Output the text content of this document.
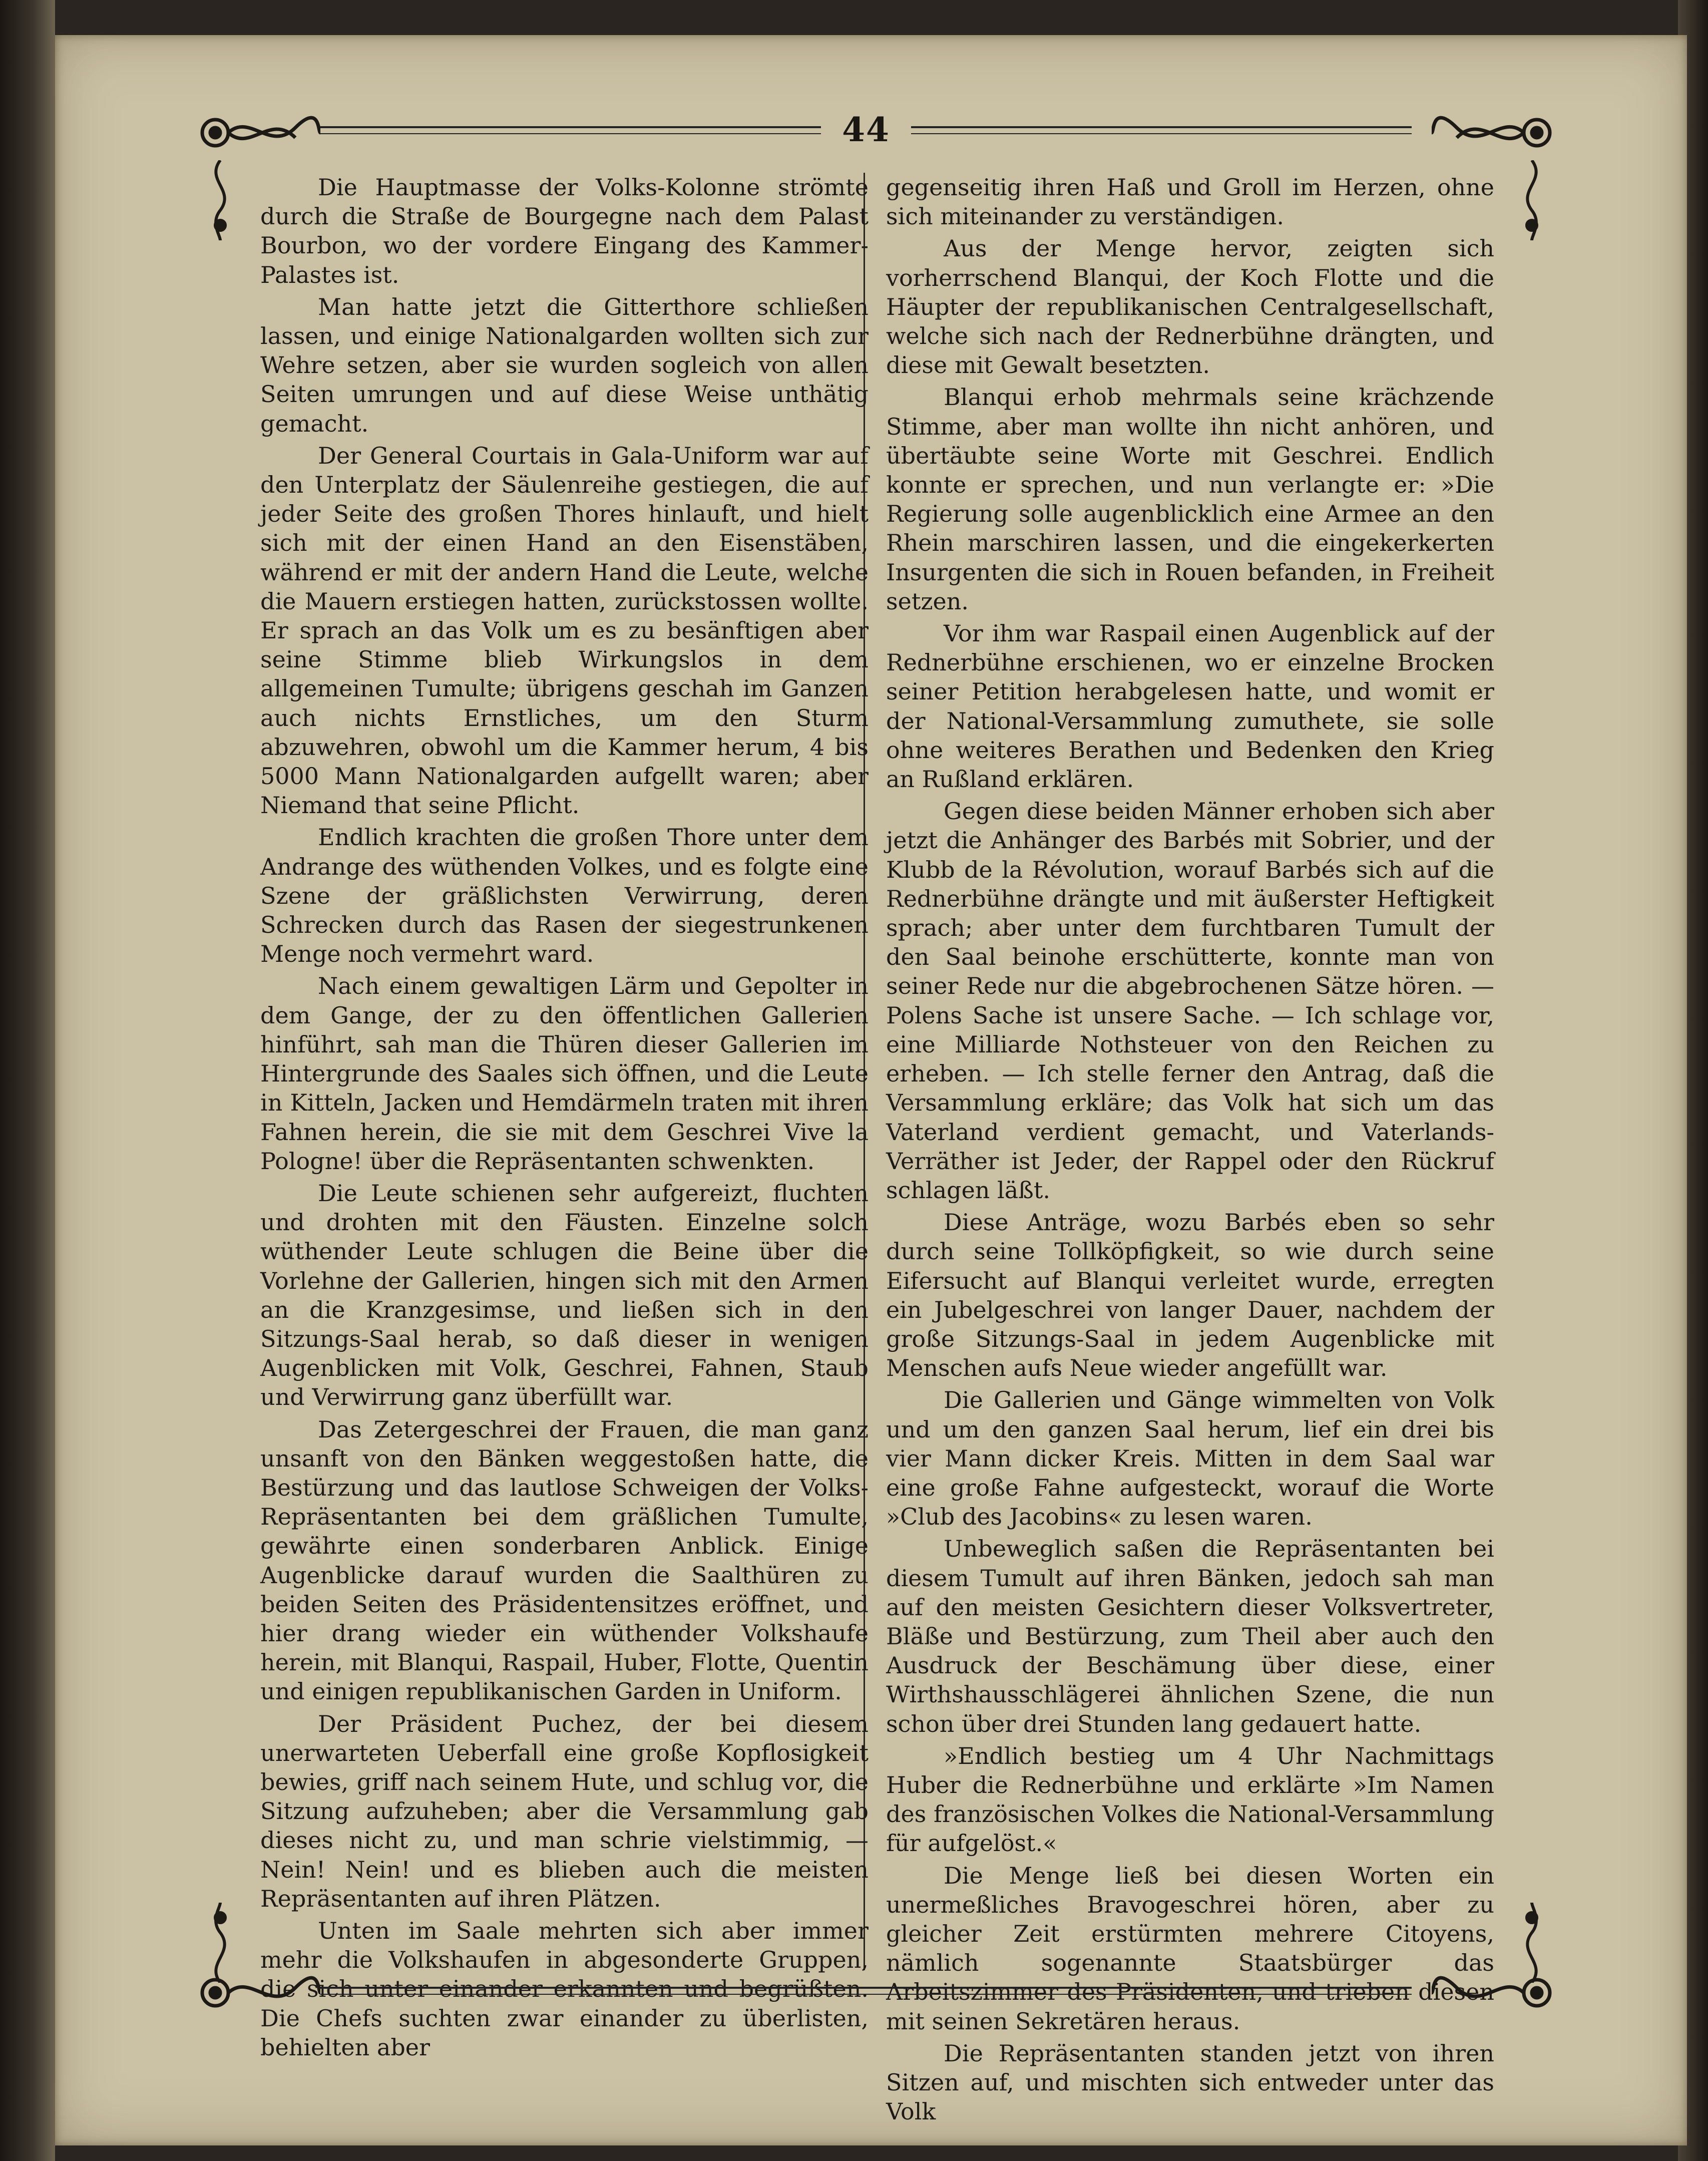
44

Die Hauptmasse der Volks-Kolonne strömte durch die Straße de Bourgegne nach dem Palast Bourbon, wo der vordere Eingang des Kammer-Palastes ist.

Man hatte jetzt die Gitterthore schließen lassen, und einige Nationalgarden wollten sich zur Wehre setzen, aber sie wurden sogleich von allen Seiten umrungen und auf diese Weise unthätig gemacht.

Der General Courtais in Gala-Uniform war auf den Unterplatz der Säulenreihe gestiegen, die auf jeder Seite des großen Thores hinlauft, und hielt sich mit der einen Hand an den Eisenstäben, während er mit der andern Hand die Leute, welche die Mauern erstiegen hatten, zurückstossen wollte. Er sprach an das Volk um es zu besänftigen aber seine Stimme blieb Wirkungslos in dem allgemeinen Tumulte; übrigens geschah im Ganzen auch nichts Ernstliches, um den Sturm abzuwehren, obwohl um die Kammer herum, 4 bis 5000 Mann Nationalgarden aufgellt waren; aber Niemand that seine Pflicht.

Endlich krachten die großen Thore unter dem Andrange des wüthenden Volkes, und es folgte eine Szene der gräßlichsten Verwirrung, deren Schrecken durch das Rasen der siegestrunkenen Menge noch vermehrt ward.

Nach einem gewaltigen Lärm und Gepolter in dem Gange, der zu den öffentlichen Gallerien hinführt, sah man die Thüren dieser Gallerien im Hintergrunde des Saales sich öffnen, und die Leute in Kitteln, Jacken und Hemdärmeln traten mit ihren Fahnen herein, die sie mit dem Geschrei Vive la Pologne! über die Repräsentanten schwenkten.

Die Leute schienen sehr aufgereizt, fluchten und drohten mit den Fäusten. Einzelne solch wüthender Leute schlugen die Beine über die Vorlehne der Gallerien, hingen sich mit den Armen an die Kranzgesimse, und ließen sich in den Sitzungs-Saal herab, so daß dieser in wenigen Augenblicken mit Volk, Geschrei, Fahnen, Staub und Verwirrung ganz überfüllt war.

Das Zetergeschrei der Frauen, die man ganz unsanft von den Bänken weggestoßen hatte, die Bestürzung und das lautlose Schweigen der Volks-Repräsentanten bei dem gräßlichen Tumulte, gewährte einen sonderbaren Anblick. Einige Augenblicke darauf wurden die Saalthüren zu beiden Seiten des Präsidentensitzes eröffnet, und hier drang wieder ein wüthender Volkshaufe herein, mit Blanqui, Raspail, Huber, Flotte, Quentin und einigen republikanischen Garden in Uniform.

Der Präsident Puchez, der bei diesem unerwarteten Ueberfall eine große Kopflosigkeit bewies, griff nach seinem Hute, und schlug vor, die Sitzung aufzuheben; aber die Versammlung gab dieses nicht zu, und man schrie vielstimmig, — Nein! Nein! und es blieben auch die meisten Repräsentanten auf ihren Plätzen.

Unten im Saale mehrten sich aber immer mehr die Volkshaufen in abgesonderte Gruppen, die sich unter einander erkannten und begrüßten. Die Chefs suchten zwar einander zu überlisten, behielten aber

gegenseitig ihren Haß und Groll im Herzen, ohne sich miteinander zu verständigen.

Aus der Menge hervor, zeigten sich vorherrschend Blanqui, der Koch Flotte und die Häupter der republikanischen Centralgesellschaft, welche sich nach der Rednerbühne drängten, und diese mit Gewalt besetzten.

Blanqui erhob mehrmals seine krächzende Stimme, aber man wollte ihn nicht anhören, und übertäubte seine Worte mit Geschrei. Endlich konnte er sprechen, und nun verlangte er: »Die Regierung solle augenblicklich eine Armee an den Rhein marschiren lassen, und die eingekerkerten Insurgenten die sich in Rouen befanden, in Freiheit setzen.

Vor ihm war Raspail einen Augenblick auf der Rednerbühne erschienen, wo er einzelne Brocken seiner Petition herabgelesen hatte, und womit er der National-Versammlung zumuthete, sie solle ohne weiteres Berathen und Bedenken den Krieg an Rußland erklären.

Gegen diese beiden Männer erhoben sich aber jetzt die Anhänger des Barbés mit Sobrier, und der Klubb de la Révolution, worauf Barbés sich auf die Rednerbühne drängte und mit äußerster Heftigkeit sprach; aber unter dem furchtbaren Tumult der den Saal beinohe erschütterte, konnte man von seiner Rede nur die abgebrochenen Sätze hören. — Polens Sache ist unsere Sache. — Ich schlage vor, eine Milliarde Nothsteuer von den Reichen zu erheben. — Ich stelle ferner den Antrag, daß die Versammlung erkläre; das Volk hat sich um das Vaterland verdient gemacht, und Vaterlands-Verräther ist Jeder, der Rappel oder den Rückruf schlagen läßt.

Diese Anträge, wozu Barbés eben so sehr durch seine Tollköpfigkeit, so wie durch seine Eifersucht auf Blanqui verleitet wurde, erregten ein Jubelgeschrei von langer Dauer, nachdem der große Sitzungs-Saal in jedem Augenblicke mit Menschen aufs Neue wieder angefüllt war.

Die Gallerien und Gänge wimmelten von Volk und um den ganzen Saal herum, lief ein drei bis vier Mann dicker Kreis. Mitten in dem Saal war eine große Fahne aufgesteckt, worauf die Worte »Club des Jacobins« zu lesen waren.

Unbeweglich saßen die Repräsentanten bei diesem Tumult auf ihren Bänken, jedoch sah man auf den meisten Gesichtern dieser Volksvertreter, Bläße und Bestürzung, zum Theil aber auch den Ausdruck der Beschämung über diese, einer Wirthshausschlägerei ähnlichen Szene, die nun schon über drei Stunden lang gedauert hatte.

»Endlich bestieg um 4 Uhr Nachmittags Huber die Rednerbühne und erklärte »Im Namen des französischen Volkes die National-Versammlung für aufgelöst.«

Die Menge ließ bei diesen Worten ein unermeßliches Bravogeschrei hören, aber zu gleicher Zeit erstürmten mehrere Citoyens, nämlich sogenannte Staatsbürger das Arbeitszimmer des Präsidenten, und trieben diesen mit seinen Sekretären heraus.

Die Repräsentanten standen jetzt von ihren Sitzen auf, und mischten sich entweder unter das Volk
